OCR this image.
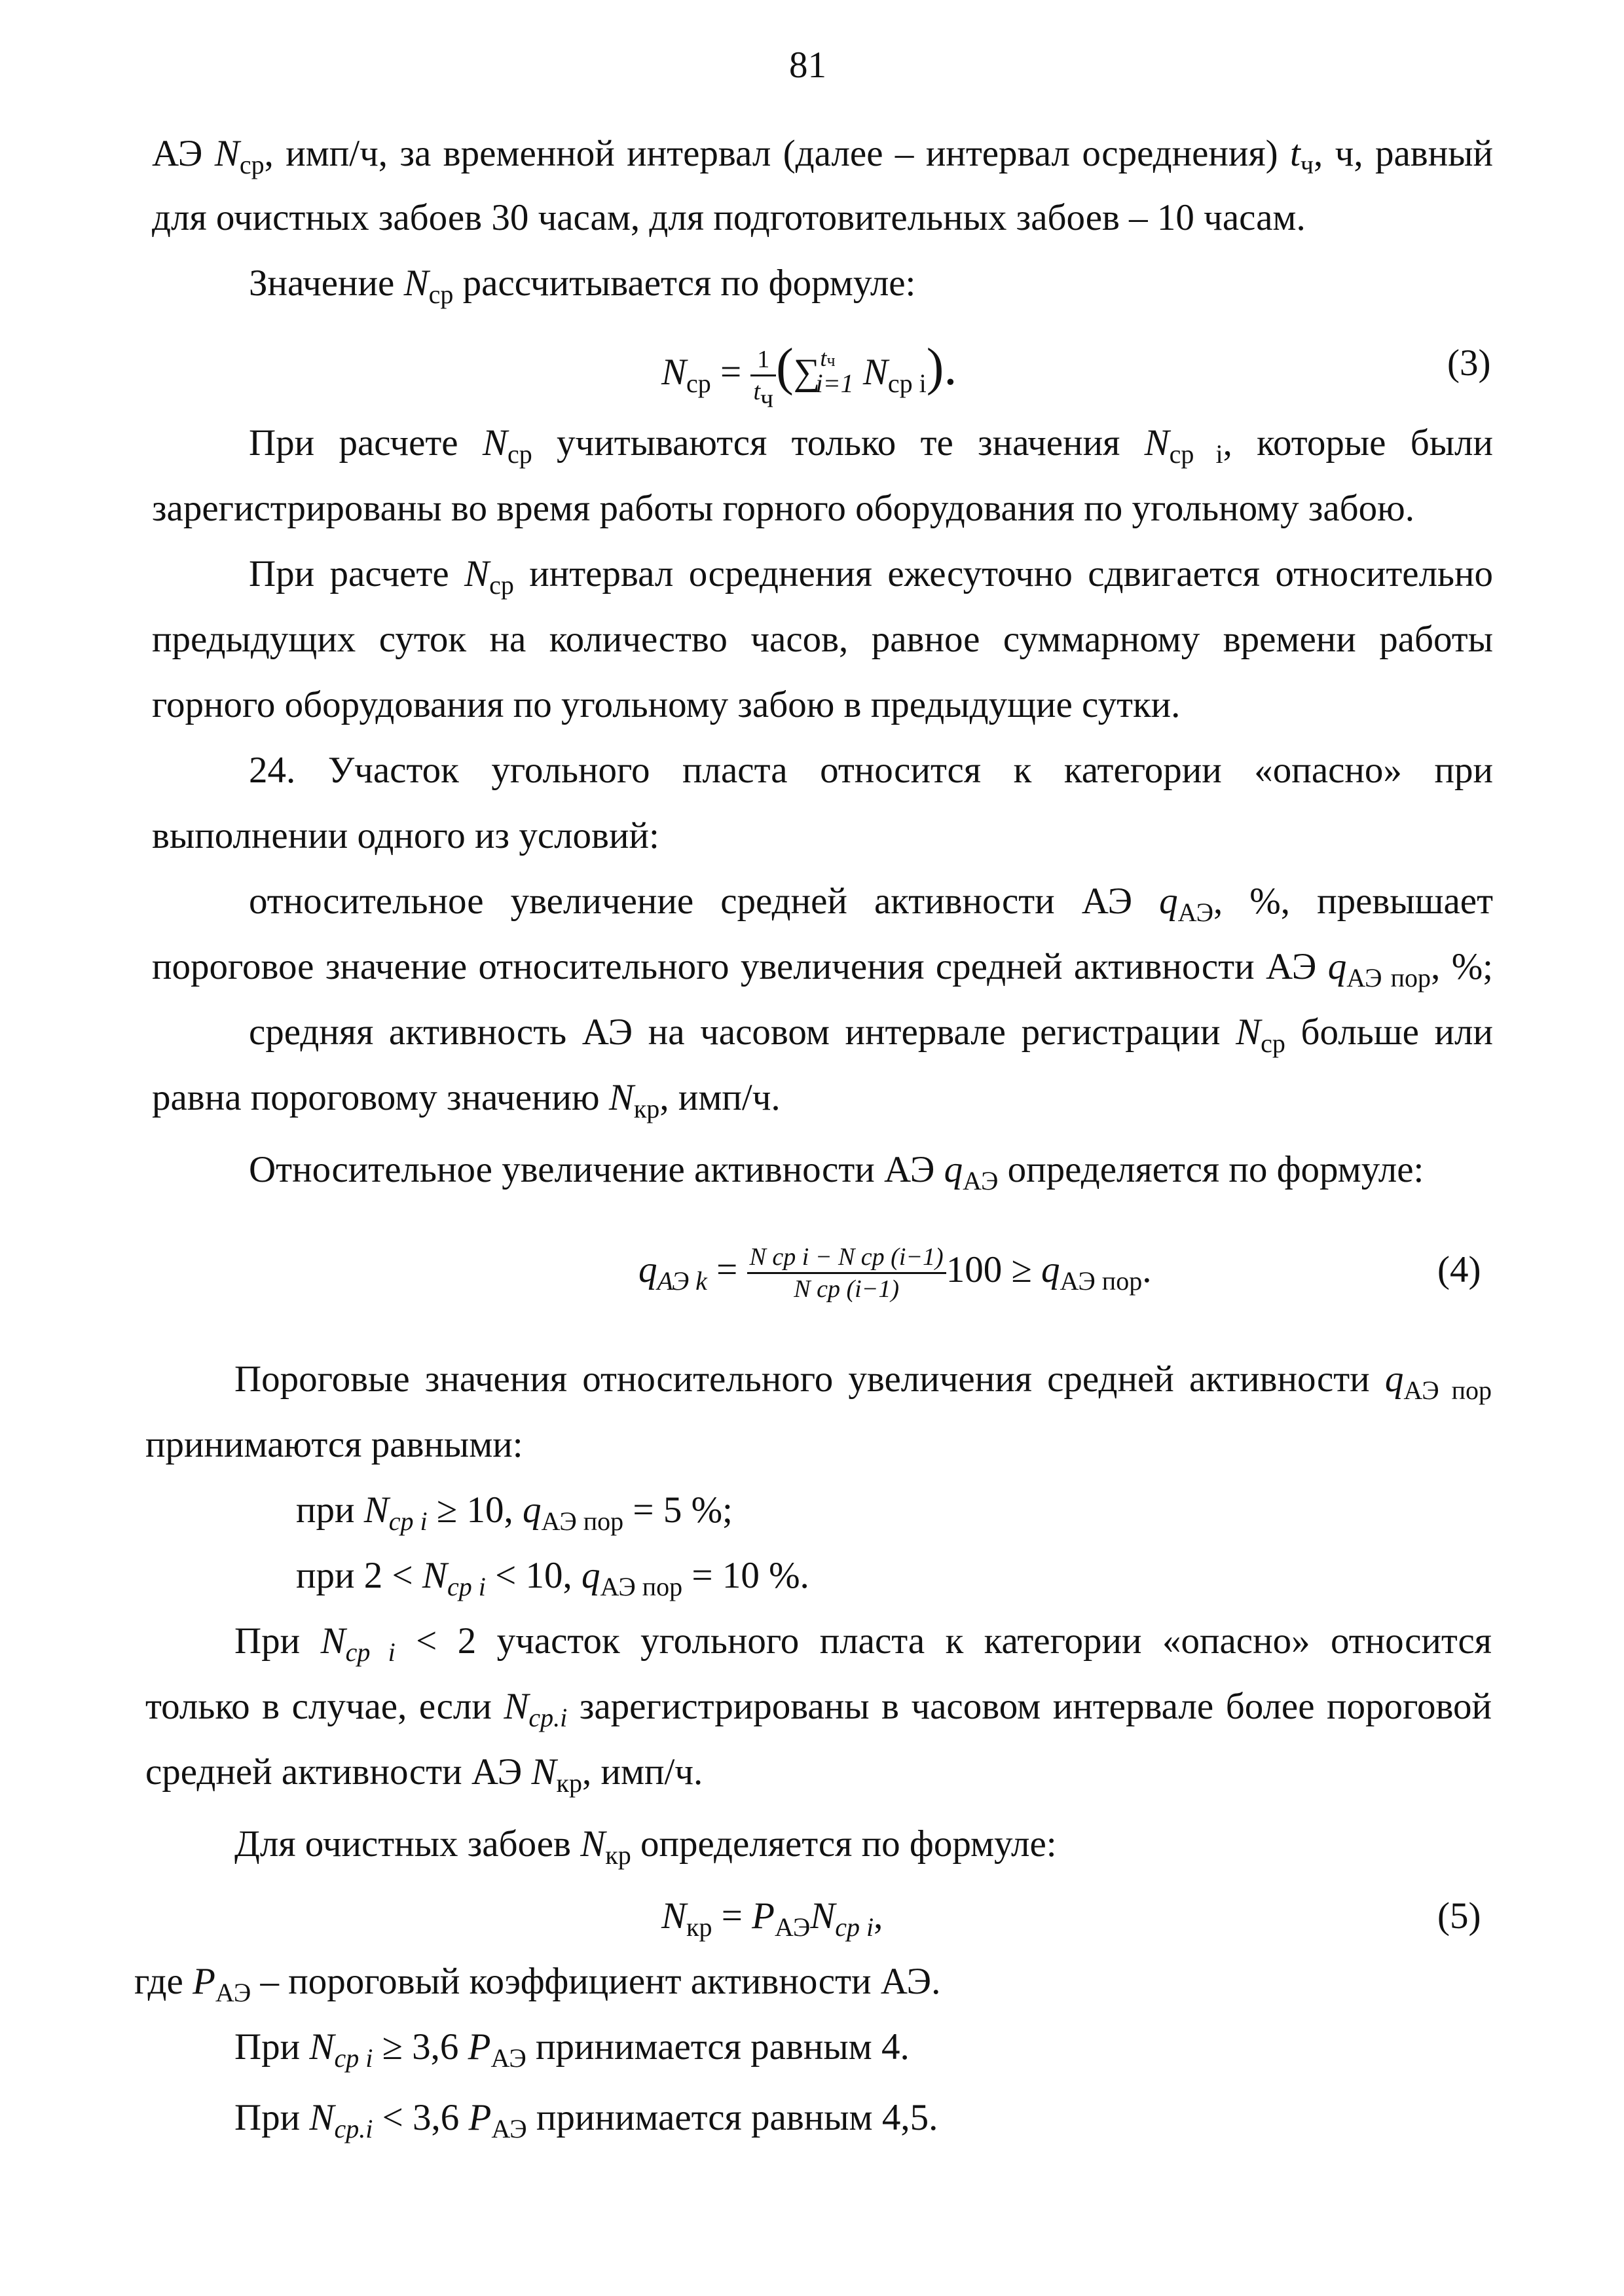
81
АЭ $N_{ср}$, имп/ч, за временной интервал (далее – интервал осреднения) $t_ч$, ч, равный
для очистных забоев 30 часам, для подготовительных забоев – 10 часам.
Значение $N_{ср}$ рассчитывается по формуле:
$N_{ср} = \frac{1}{t_ч} (\sum^{tч}_{i=1}$ $N_{ср i}$).	(3)
При расчете $N_{ср}$ учитываются только те значения $N_{ср i}$, которые были
зарегистрированы во время работы горного оборудования по угольному забою.
При расчете $N_{ср}$ интервал осреднения ежесуточно сдвигается относительно
предыдущих суток на количество часов, равное суммарному времени работы
горного оборудования по угольному забою в предыдущие сутки.
24. Участок угольного пласта относится к категории «опасно» при
выполнении одного из условий:
относительное увеличение средней активности АЭ $q_{АЭ}$, %, превышает
пороговое значение относительного увеличения средней активности АЭ $q_{АЭ пор}$, %;
средняя активность АЭ на часовом интервале регистрации $N_{ср}$ больше или
равна пороговому значению $N_{кр}$, имп/ч.
Относительное увеличение активности АЭ $q_{АЭ}$ определяется по формуле:
$q_{АЭ k} = \frac{\text{N ср i − N ср (i−1)}}{\text{N ср (i−1)}} 100 \ge q_{АЭ пор}$.	(4)
Пороговые значения относительного увеличения средней активности $q_{АЭ пор}$
принимаются равными:
при $N_{ср i} \ge 10$, $q_{АЭ пор} = 5$ %;
при $2 < N_{ср i} < 10$, $q_{АЭ пор} = 10$ %.
При $N_{ср i} < 2$ участок угольного пласта к категории «опасно» относится
только в случае, если $N_{ср.i}$ зарегистрированы в часовом интервале более пороговой
средней активности АЭ $N_{кр}$, имп/ч.
Для очистных забоев $N_{кр}$ определяется по формуле:
$N_{кр} = P_{АЭ}N_{ср i}$,	(5)
где $P_{АЭ}$ – пороговый коэффициент активности АЭ.
При $N_{ср i} \ge 3,6$ $P_{АЭ}$ принимается равным 4.
При $N_{ср.i} < 3,6$ $P_{АЭ}$ принимается равным 4,5.
